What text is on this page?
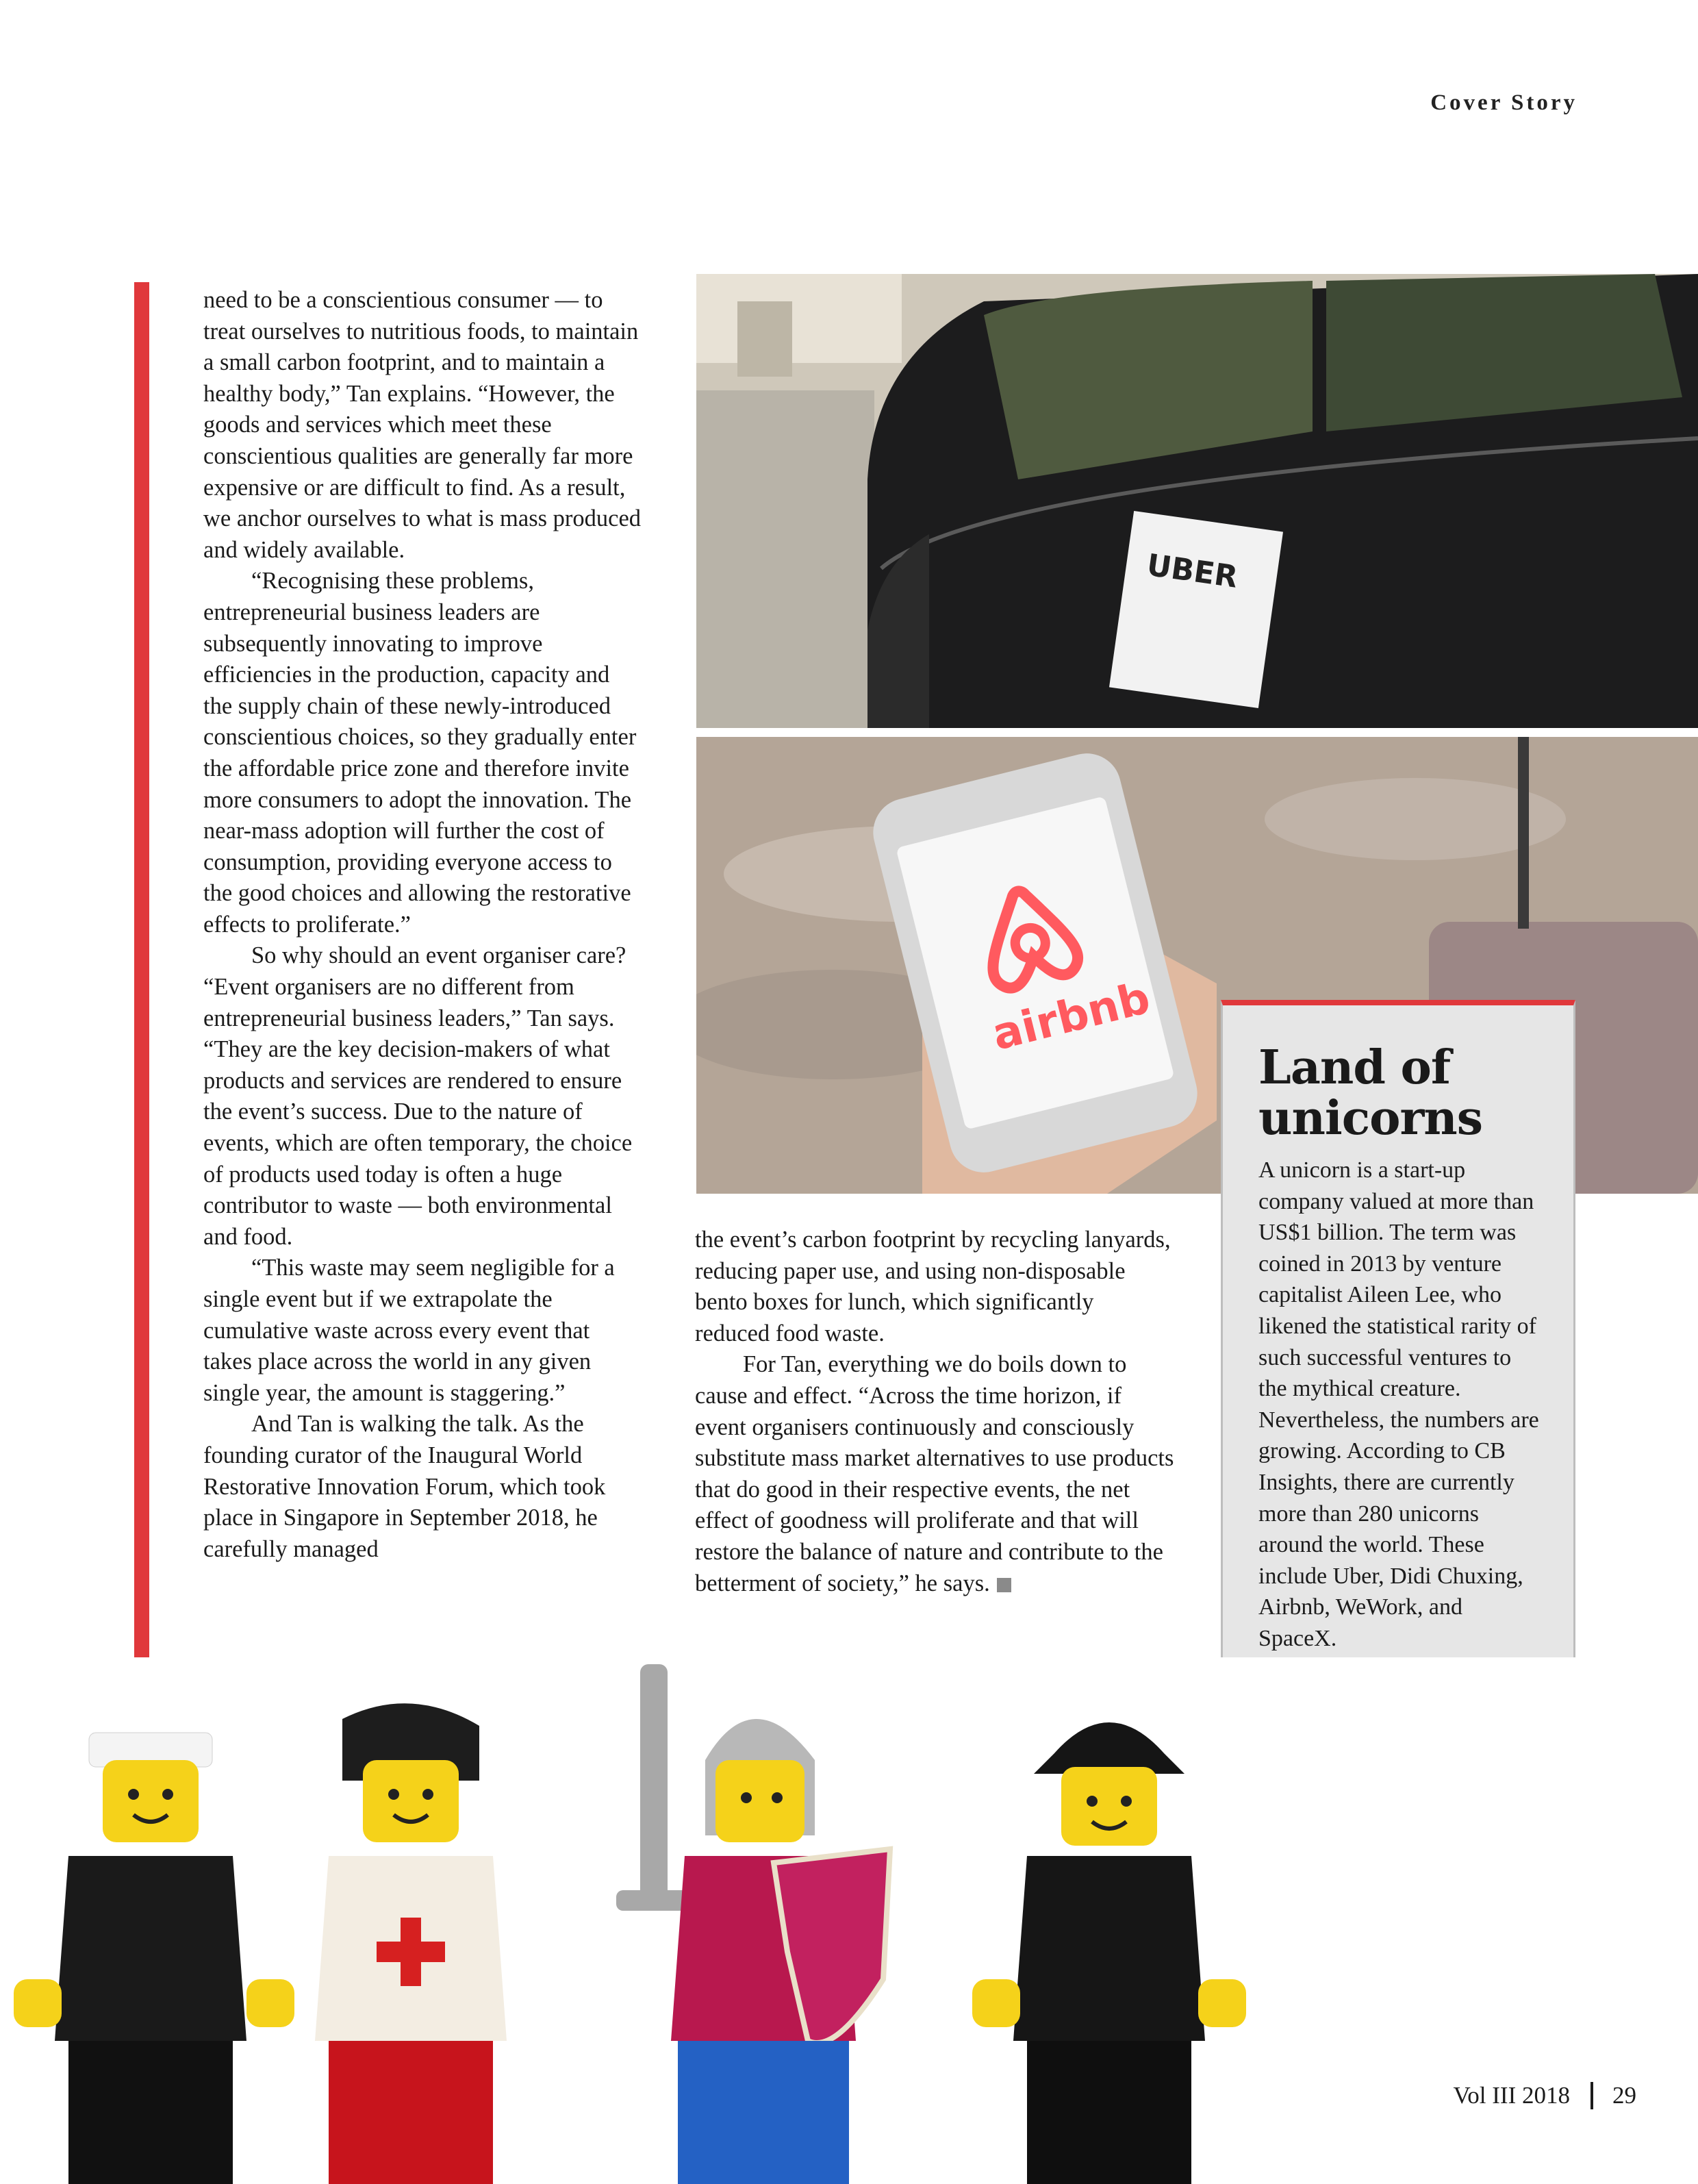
Cover Story

need to be a conscientious consumer — to treat ourselves to nutritious foods, to maintain a small carbon footprint, and to maintain a healthy body,” Tan explains. “However, the goods and services which meet these conscientious qualities are generally far more expensive or are difficult to find. As a result, we anchor ourselves to what is mass produced and widely available.

“Recognising these problems, entrepreneurial business leaders are subsequently innovating to improve efficiencies in the production, capacity and the supply chain of these newly-introduced conscientious choices, so they gradually enter the affordable price zone and therefore invite more consumers to adopt the innovation. The near-mass adoption will further the cost of consumption, providing everyone access to the good choices and allowing the restorative effects to proliferate.”

So why should an event organiser care? “Event organisers are no different from entrepreneurial business leaders,” Tan says. “They are the key decision-makers of what products and services are rendered to ensure the event’s success. Due to the nature of events, which are often temporary, the choice of products used today is often a huge contributor to waste — both environmental and food.

“This waste may seem negligible for a single event but if we extrapolate the cumulative waste across every event that takes place across the world in any given single year, the amount is staggering.”

And Tan is walking the talk. As the founding curator of the Inaugural World Restorative Innovation Forum, which took place in Singapore in September 2018, he carefully managed

the event’s carbon footprint by recycling lanyards, reducing paper use, and using non-disposable bento boxes for lunch, which significantly reduced food waste.

For Tan, everything we do boils down to cause and effect. “Across the time horizon, if event organisers continuously and consciously substitute mass market alternatives to use products that do good in their respective events, the net effect of goodness will proliferate and that will restore the balance of nature and contribute to the betterment of society,” he says.

UBER
airbnb
Land of unicorns

A unicorn is a start-up company valued at more than US$1 billion. The term was coined in 2013 by venture capitalist Aileen Lee, who likened the statistical rarity of such successful ventures to the mythical creature. Nevertheless, the numbers are growing. According to CB Insights, there are currently more than 280 unicorns around the world. These include Uber, Didi Chuxing, Airbnb, WeWork, and SpaceX.

Vol III 2018 29
